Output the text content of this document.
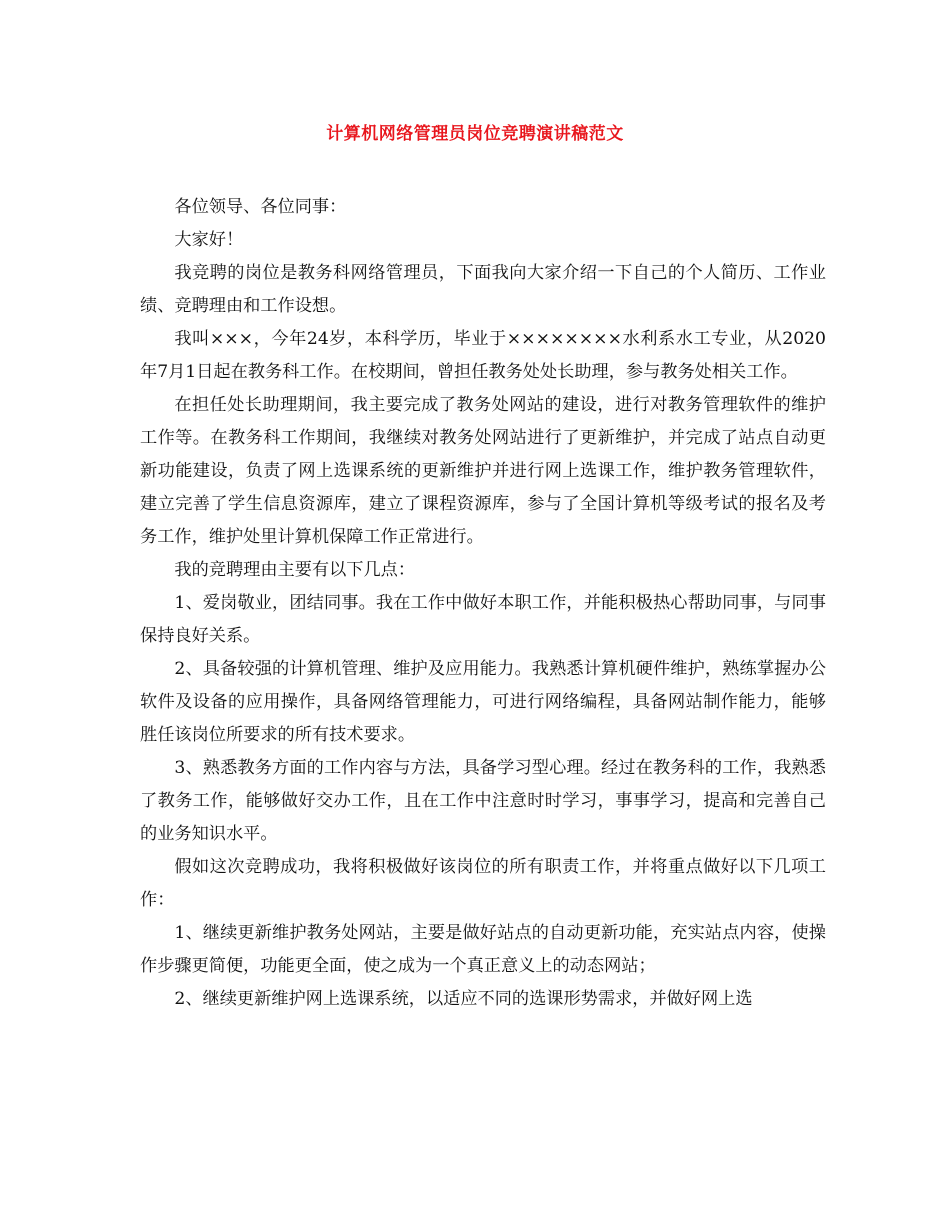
计算机网络管理员岗位竞聘演讲稿范文

各位领导、各位同事：

大家好！

我竞聘的岗位是教务科网络管理员，下面我向大家介绍一下自己的个人简历、工作业绩、竞聘理由和工作设想。

我叫×××，今年24岁，本科学历，毕业于××××××××水利系水工专业，从2020年7月1日起在教务科工作。在校期间，曾担任教务处处长助理，参与教务处相关工作。

在担任处长助理期间，我主要完成了教务处网站的建设，进行对教务管理软件的维护工作等。在教务科工作期间，我继续对教务处网站进行了更新维护，并完成了站点自动更新功能建设，负责了网上选课系统的更新维护并进行网上选课工作，维护教务管理软件，建立完善了学生信息资源库，建立了课程资源库，参与了全国计算机等级考试的报名及考务工作，维护处里计算机保障工作正常进行。

我的竞聘理由主要有以下几点：

1、爱岗敬业，团结同事。我在工作中做好本职工作，并能积极热心帮助同事，与同事保持良好关系。

2、具备较强的计算机管理、维护及应用能力。我熟悉计算机硬件维护，熟练掌握办公软件及设备的应用操作，具备网络管理能力，可进行网络编程，具备网站制作能力，能够胜任该岗位所要求的所有技术要求。

3、熟悉教务方面的工作内容与方法，具备学习型心理。经过在教务科的工作，我熟悉了教务工作，能够做好交办工作，且在工作中注意时时学习，事事学习，提高和完善自己的业务知识水平。

假如这次竞聘成功，我将积极做好该岗位的所有职责工作，并将重点做好以下几项工作：

1、继续更新维护教务处网站，主要是做好站点的自动更新功能，充实站点内容，使操作步骤更简便，功能更全面，使之成为一个真正意义上的动态网站；

2、继续更新维护网上选课系统，以适应不同的选课形势需求，并做好网上选
